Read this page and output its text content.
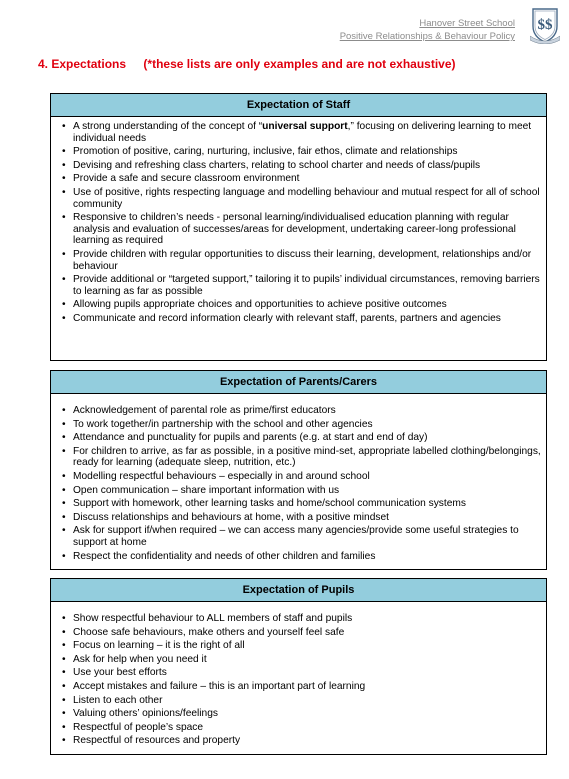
Hanover Street School
Positive Relationships & Behaviour Policy
$$
4. Expectations (*these lists are only examples and are not exhaustive)
Expectation of Staff
• A strong understanding of the concept of “universal support,” focusing on delivering learning to meet individual needs
• Promotion of positive, caring, nurturing, inclusive, fair ethos, climate and relationships
• Devising and refreshing class charters, relating to school charter and needs of class/pupils
• Provide a safe and secure classroom environment
• Use of positive, rights respecting language and modelling behaviour and mutual respect for all of school community
• Responsive to children’s needs - personal learning/individualised education planning with regular analysis and evaluation of successes/areas for development, undertaking career-long professional learning as required
• Provide children with regular opportunities to discuss their learning, development, relationships and/or behaviour
• Provide additional or “targeted support,” tailoring it to pupils’ individual circumstances, removing barriers to learning as far as possible
• Allowing pupils appropriate choices and opportunities to achieve positive outcomes
• Communicate and record information clearly with relevant staff, parents, partners and agencies
Expectation of Parents/Carers
• Acknowledgement of parental role as prime/first educators
• To work together/in partnership with the school and other agencies
• Attendance and punctuality for pupils and parents (e.g. at start and end of day)
• For children to arrive, as far as possible, in a positive mind-set, appropriate labelled clothing/belongings, ready for learning (adequate sleep, nutrition, etc.)
• Modelling respectful behaviours – especially in and around school
• Open communication – share important information with us
• Support with homework, other learning tasks and home/school communication systems
• Discuss relationships and behaviours at home, with a positive mindset
• Ask for support if/when required – we can access many agencies/provide some useful strategies to support at home
• Respect the confidentiality and needs of other children and families
Expectation of Pupils
• Show respectful behaviour to ALL members of staff and pupils
• Choose safe behaviours, make others and yourself feel safe
• Focus on learning – it is the right of all
• Ask for help when you need it
• Use your best efforts
• Accept mistakes and failure – this is an important part of learning
• Listen to each other
• Valuing others’ opinions/feelings
• Respectful of people’s space
• Respectful of resources and property
